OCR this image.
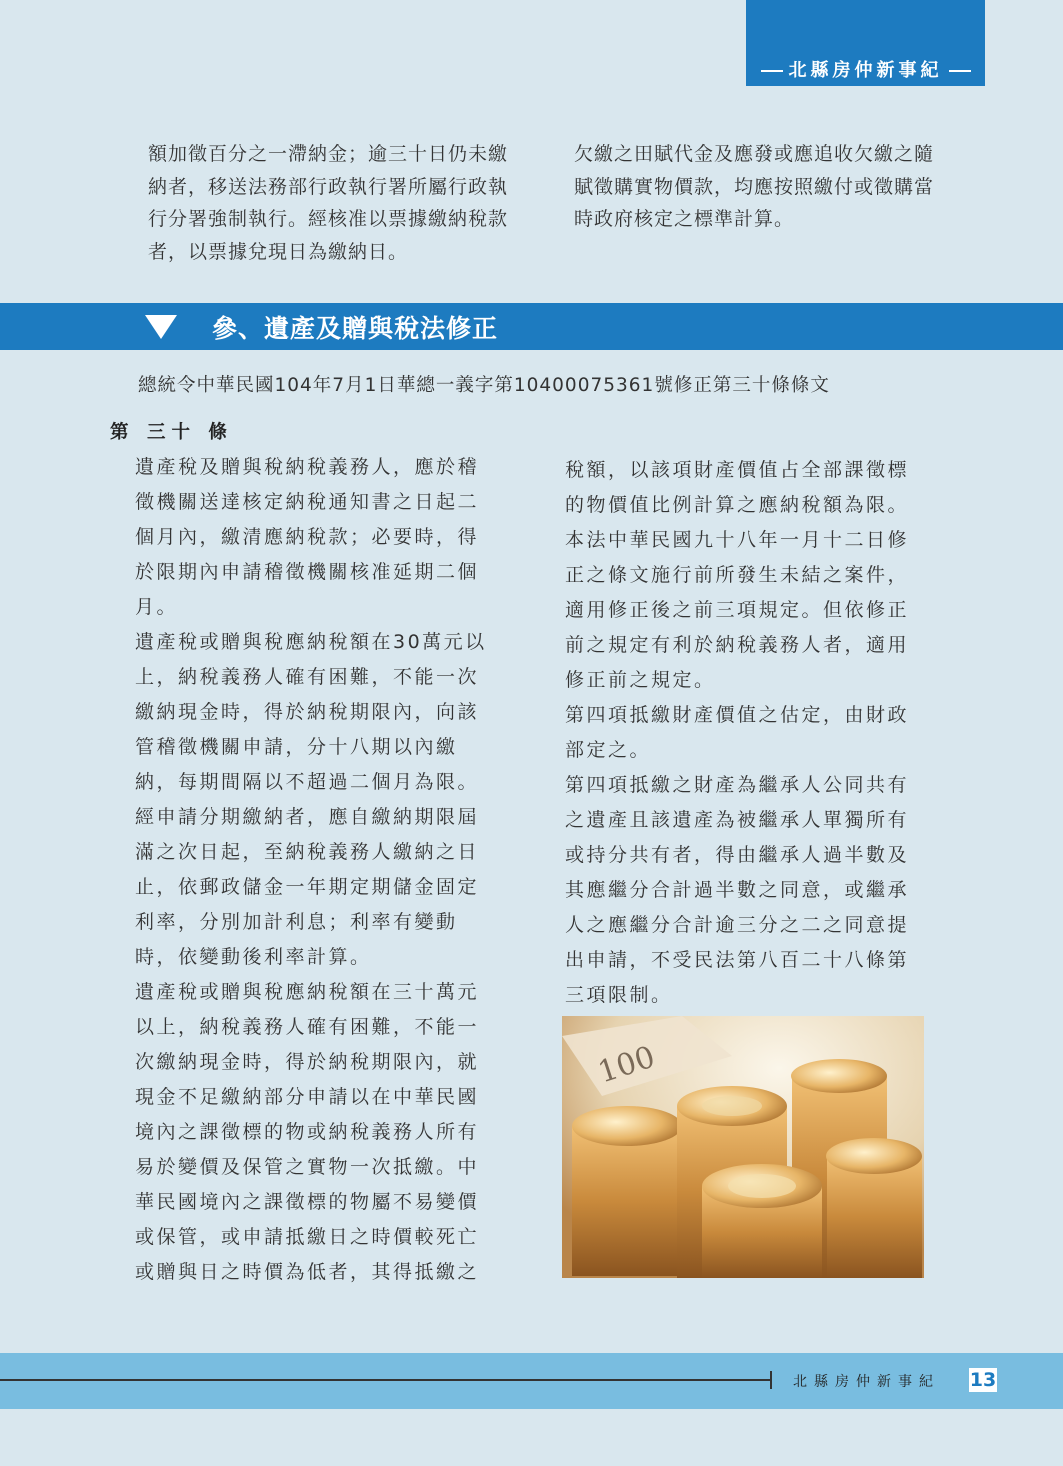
北縣房仲新事紀
額加徵百分之一滯納金；逾三十日仍未繳
納者，移送法務部行政執行署所屬行政執
行分署強制執行。經核准以票據繳納稅款
者，以票據兌現日為繳納日。
欠繳之田賦代金及應發或應追收欠繳之隨
賦徵購實物價款，均應按照繳付或徵購當
時政府核定之標準計算。
參、遺產及贈與稅法修正
總統令中華民國104年7月1日華總一義字第10400075361號修正第三十條條文
第 三十 條
遺產稅及贈與稅納稅義務人，應於稽
徵機關送達核定納稅通知書之日起二
個月內，繳清應納稅款；必要時，得
於限期內申請稽徵機關核准延期二個
月。
遺產稅或贈與稅應納稅額在30萬元以
上，納稅義務人確有困難，不能一次
繳納現金時，得於納稅期限內，向該
管稽徵機關申請，分十八期以內繳
納，每期間隔以不超過二個月為限。
經申請分期繳納者，應自繳納期限屆
滿之次日起，至納稅義務人繳納之日
止，依郵政儲金一年期定期儲金固定
利率，分別加計利息；利率有變動
時，依變動後利率計算。
遺產稅或贈與稅應納稅額在三十萬元
以上，納稅義務人確有困難，不能一
次繳納現金時，得於納稅期限內，就
現金不足繳納部分申請以在中華民國
境內之課徵標的物或納稅義務人所有
易於變價及保管之實物一次抵繳。中
華民國境內之課徵標的物屬不易變價
或保管，或申請抵繳日之時價較死亡
或贈與日之時價為低者，其得抵繳之
稅額，以該項財產價值占全部課徵標
的物價值比例計算之應納稅額為限。
本法中華民國九十八年一月十二日修
正之條文施行前所發生未結之案件，
適用修正後之前三項規定。但依修正
前之規定有利於納稅義務人者，適用
修正前之規定。
第四項抵繳財產價值之估定，由財政
部定之。
第四項抵繳之財產為繼承人公同共有
之遺產且該遺產為被繼承人單獨所有
或持分共有者，得由繼承人過半數及
其應繼分合計過半數之同意，或繼承
人之應繼分合計逾三分之二之同意提
出申請，不受民法第八百二十八條第
三項限制。
100
北縣房仲新事紀 13
